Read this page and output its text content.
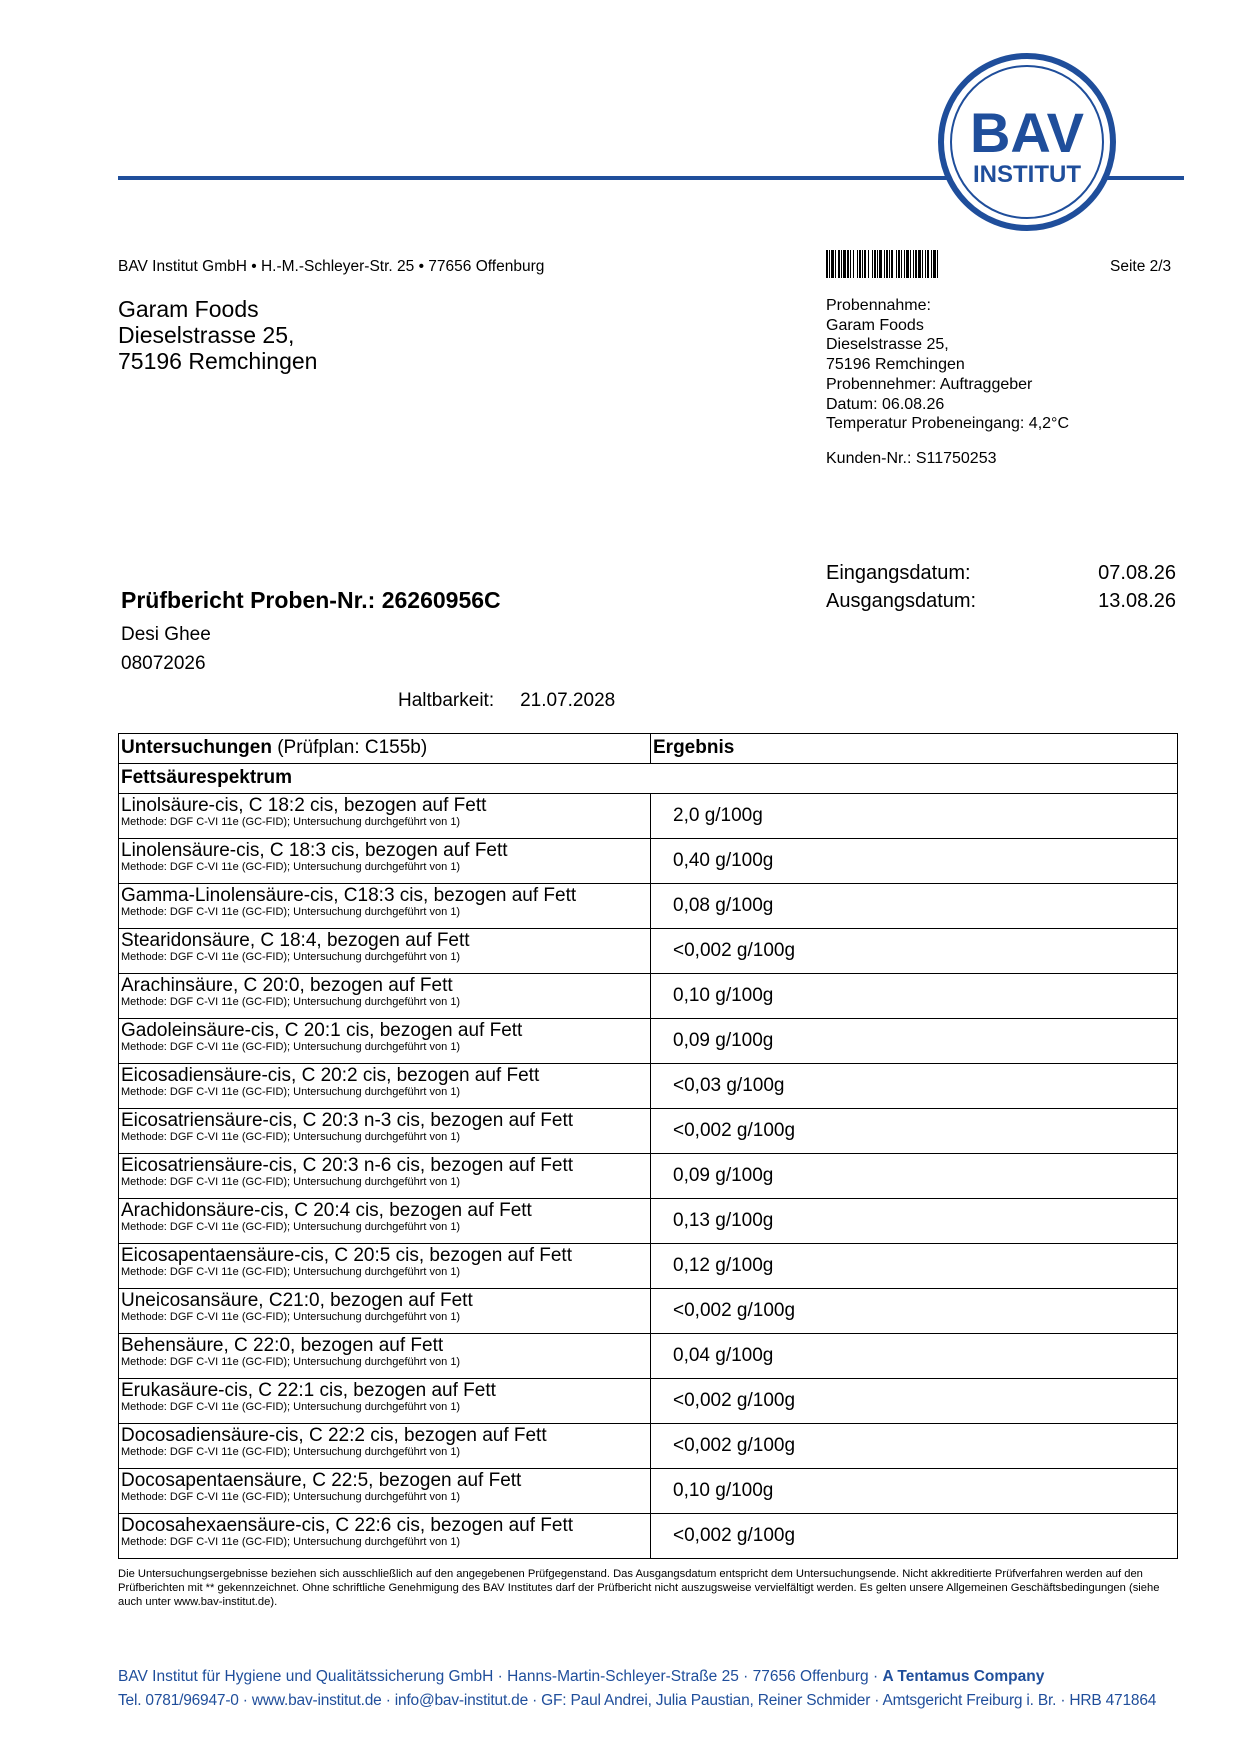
BAV
INSTITUT
BAV Institut GmbH • H.-M.-Schleyer-Str. 25 • 77656 Offenburg	Seite 2/3
Garam Foods
Dieselstrasse 25,
75196 Remchingen
Probennahme:
Garam Foods
Dieselstrasse 25,
75196 Remchingen
Probennehmer: Auftraggeber
Datum: 06.08.26
Temperatur Probeneingang: 4,2°C
Kunden-Nr.: S11750253
Eingangsdatum:	07.08.26
Ausgangsdatum:	13.08.26
Prüfbericht Proben-Nr.: 26260956C
Desi Ghee
08072026
Haltbarkeit: 21.07.2028
Untersuchungen (Prüfplan: C155b)	Ergebnis
Fettsäurespektrum	
Linolsäure-cis, C 18:2 cis, bezogen auf Fett
Methode: DGF C-VI 11e (GC-FID); Untersuchung durchgeführt von 1)	2,0 g/100g
Linolensäure-cis, C 18:3 cis, bezogen auf Fett
Methode: DGF C-VI 11e (GC-FID); Untersuchung durchgeführt von 1)	0,40 g/100g
Gamma-Linolensäure-cis, C18:3 cis, bezogen auf Fett
Methode: DGF C-VI 11e (GC-FID); Untersuchung durchgeführt von 1)	0,08 g/100g
Stearidonsäure, C 18:4, bezogen auf Fett
Methode: DGF C-VI 11e (GC-FID); Untersuchung durchgeführt von 1)	<0,002 g/100g
Arachinsäure, C 20:0, bezogen auf Fett
Methode: DGF C-VI 11e (GC-FID); Untersuchung durchgeführt von 1)	0,10 g/100g
Gadoleinsäure-cis, C 20:1 cis, bezogen auf Fett
Methode: DGF C-VI 11e (GC-FID); Untersuchung durchgeführt von 1)	0,09 g/100g
Eicosadiensäure-cis, C 20:2 cis, bezogen auf Fett
Methode: DGF C-VI 11e (GC-FID); Untersuchung durchgeführt von 1)	<0,03 g/100g
Eicosatriensäure-cis, C 20:3 n-3 cis, bezogen auf Fett
Methode: DGF C-VI 11e (GC-FID); Untersuchung durchgeführt von 1)	<0,002 g/100g
Eicosatriensäure-cis, C 20:3 n-6 cis, bezogen auf Fett
Methode: DGF C-VI 11e (GC-FID); Untersuchung durchgeführt von 1)	0,09 g/100g
Arachidonsäure-cis, C 20:4 cis, bezogen auf Fett
Methode: DGF C-VI 11e (GC-FID); Untersuchung durchgeführt von 1)	0,13 g/100g
Eicosapentaensäure-cis, C 20:5 cis, bezogen auf Fett
Methode: DGF C-VI 11e (GC-FID); Untersuchung durchgeführt von 1)	0,12 g/100g
Uneicosansäure, C21:0, bezogen auf Fett
Methode: DGF C-VI 11e (GC-FID); Untersuchung durchgeführt von 1)	<0,002 g/100g
Behensäure, C 22:0, bezogen auf Fett
Methode: DGF C-VI 11e (GC-FID); Untersuchung durchgeführt von 1)	0,04 g/100g
Erukasäure-cis, C 22:1 cis, bezogen auf Fett
Methode: DGF C-VI 11e (GC-FID); Untersuchung durchgeführt von 1)	<0,002 g/100g
Docosadiensäure-cis, C 22:2 cis, bezogen auf Fett
Methode: DGF C-VI 11e (GC-FID); Untersuchung durchgeführt von 1)	<0,002 g/100g
Docosapentaensäure, C 22:5, bezogen auf Fett
Methode: DGF C-VI 11e (GC-FID); Untersuchung durchgeführt von 1)	0,10 g/100g
Docosahexaensäure-cis, C 22:6 cis, bezogen auf Fett
Methode: DGF C-VI 11e (GC-FID); Untersuchung durchgeführt von 1)	<0,002 g/100g
Die Untersuchungsergebnisse beziehen sich ausschließlich auf den angegebenen Prüfgegenstand. Das Ausgangsdatum entspricht dem Untersuchungsende. Nicht akkreditierte Prüfverfahren werden auf den Prüfberichten mit ** gekennzeichnet. Ohne schriftliche Genehmigung des BAV Institutes darf der Prüfbericht nicht auszugsweise vervielfältigt werden. Es gelten unsere Allgemeinen Geschäftsbedingungen (siehe auch unter www.bav-institut.de).
BAV Institut für Hygiene und Qualitätssicherung GmbH · Hanns-Martin-Schleyer-Straße 25 · 77656 Offenburg · A Tentamus Company
Tel. 0781/96947-0 · www.bav-institut.de · info@bav-institut.de · GF: Paul Andrei, Julia Paustian, Reiner Schmider · Amtsgericht Freiburg i. Br. · HRB 471864
